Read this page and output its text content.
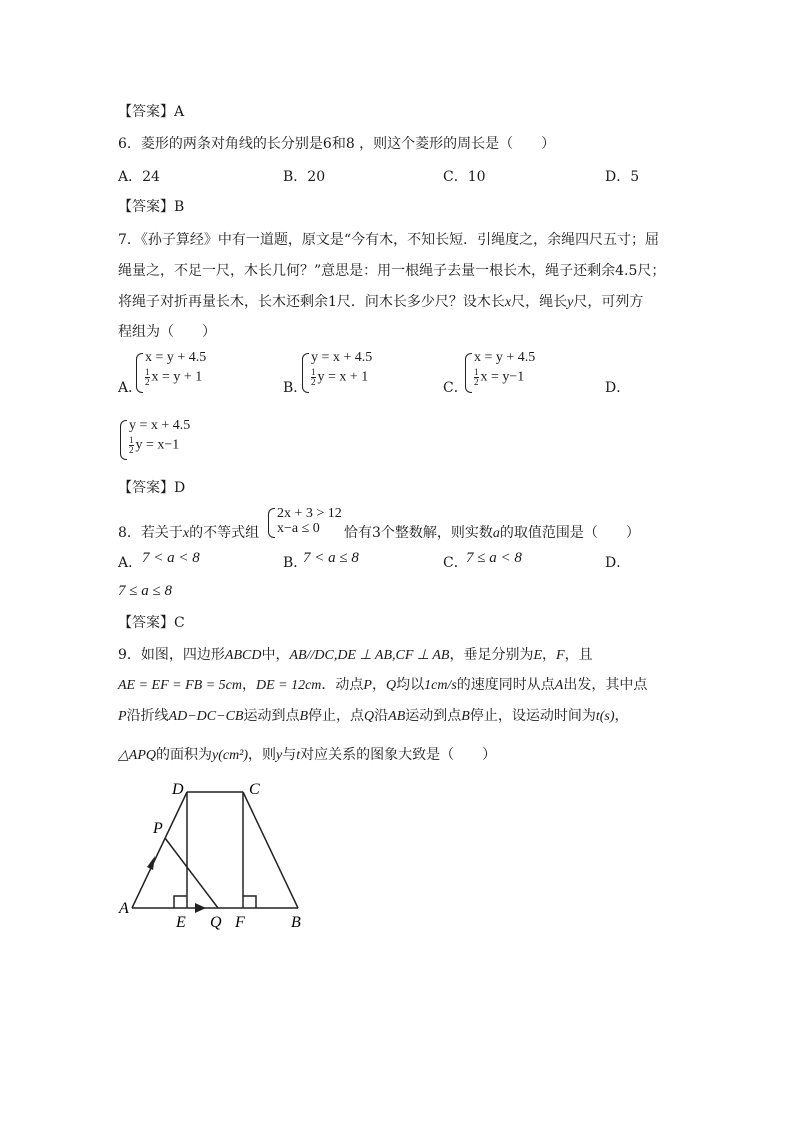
【答案】A
6．菱形的两条对角线的长分别是6和8 ，则这个菱形的周长是（　　）
A．24	B．20	C．10	D．5
【答案】B
7．《孙子算经》中有一道题，原文是“今有木，不知长短．引绳度之，余绳四尺五寸；屈
绳量之，不足一尺，木长几何？”意思是：用一根绳子去量一根长木，绳子还剩余4.5尺；
将绳子对折再量长木，长木还剩余1尺．问木长多少尺？设木长x尺，绳长y尺，可列方
程组为（　　）
A．
x = y + 4.5
$\frac{1}{2}$ x = y + 1
B．
y = x + 4.5
$\frac{1}{2}$ y = x + 1
C．
x = y + 4.5
$\frac{1}{2}$ x = y−1
D．
y = x + 4.5
$\frac{1}{2}$ y = x−1
【答案】D
8．若关于x的不等式组
2x + 3 > 12
x−a ≤ 0 恰有3个整数解，则实数a的取值范围是（　　）
A． 7 < a < 8	B．
7 < a ≤ 8	C．
7 ≤ a < 8	D．
7 ≤ a ≤ 8
【答案】C
9．如图，四边形ABCD中，AB//DC,DE ⊥ AB,CF ⊥ AB，垂足分别为E，F，且
AE = EF = FB = 5cm，DE = 12cm．动点P，Q均以1cm/s的速度同时从点A出发，其中点
P沿折线AD−DC−CB运动到点B停止，点Q沿AB运动到点B停止，设运动时间为t(s)，
△APQ的面积为y(cm²)，则y与t对应关系的图象大致是（　　）
A
D	C
P
E Q F	B
